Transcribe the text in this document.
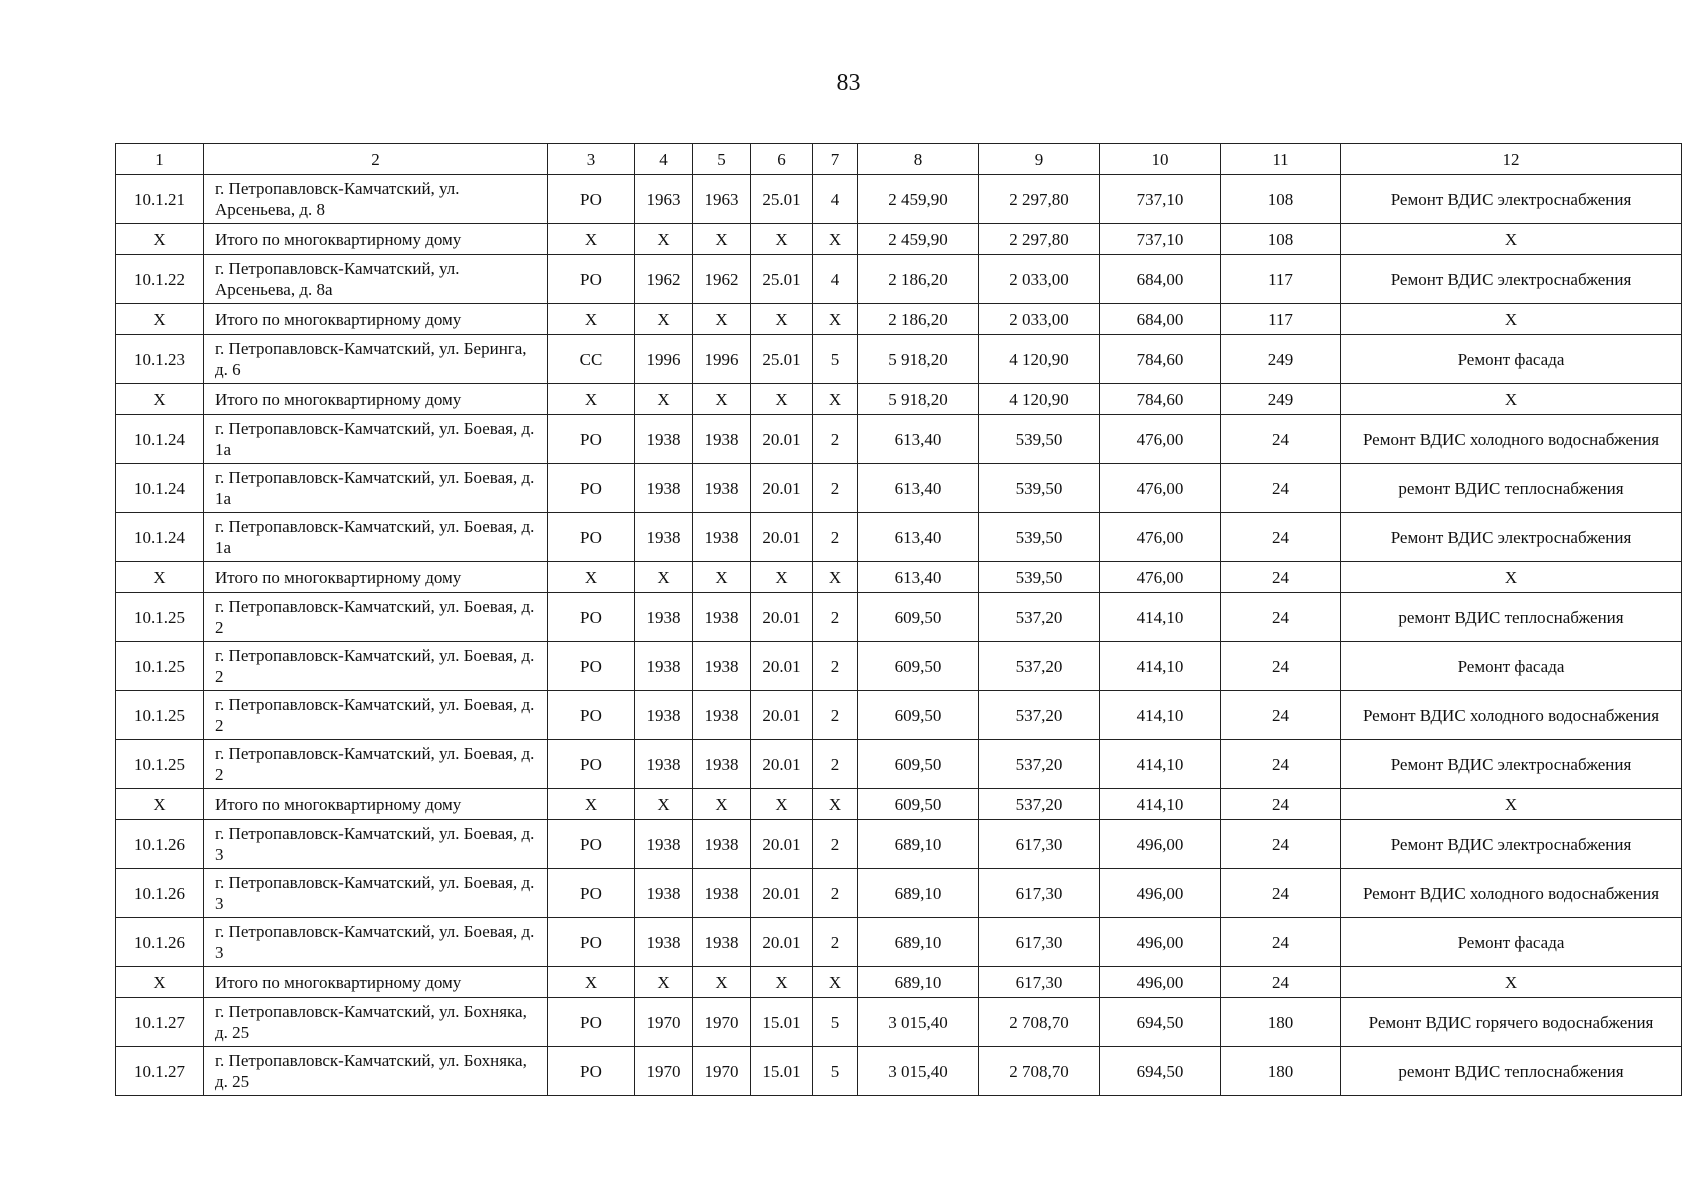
83
1	2	3	4	5	6	7	8	9	10	11	12
10.1.21	г. Петропавловск-Камчатский, ул. Арсеньева, д. 8	РО	1963	1963	25.01	4	2 459,90	2 297,80	737,10	108	Ремонт ВДИС электроснабжения
X	Итого по многоквартирному дому	X	X	X	X	X	2 459,90	2 297,80	737,10	108	X
10.1.22	г. Петропавловск-Камчатский, ул. Арсеньева, д. 8а	РО	1962	1962	25.01	4	2 186,20	2 033,00	684,00	117	Ремонт ВДИС электроснабжения
X	Итого по многоквартирному дому	X	X	X	X	X	2 186,20	2 033,00	684,00	117	X
10.1.23	г. Петропавловск-Камчатский, ул. Беринга, д. 6	СС	1996	1996	25.01	5	5 918,20	4 120,90	784,60	249	Ремонт фасада
X	Итого по многоквартирному дому	X	X	X	X	X	5 918,20	4 120,90	784,60	249	X
10.1.24	г. Петропавловск-Камчатский, ул. Боевая, д. 1а	РО	1938	1938	20.01	2	613,40	539,50	476,00	24	Ремонт ВДИС холодного водоснабжения
10.1.24	г. Петропавловск-Камчатский, ул. Боевая, д. 1а	РО	1938	1938	20.01	2	613,40	539,50	476,00	24	ремонт ВДИС теплоснабжения
10.1.24	г. Петропавловск-Камчатский, ул. Боевая, д. 1а	РО	1938	1938	20.01	2	613,40	539,50	476,00	24	Ремонт ВДИС электроснабжения
X	Итого по многоквартирному дому	X	X	X	X	X	613,40	539,50	476,00	24	X
10.1.25	г. Петропавловск-Камчатский, ул. Боевая, д. 2	РО	1938	1938	20.01	2	609,50	537,20	414,10	24	ремонт ВДИС теплоснабжения
10.1.25	г. Петропавловск-Камчатский, ул. Боевая, д. 2	РО	1938	1938	20.01	2	609,50	537,20	414,10	24	Ремонт фасада
10.1.25	г. Петропавловск-Камчатский, ул. Боевая, д. 2	РО	1938	1938	20.01	2	609,50	537,20	414,10	24	Ремонт ВДИС холодного водоснабжения
10.1.25	г. Петропавловск-Камчатский, ул. Боевая, д. 2	РО	1938	1938	20.01	2	609,50	537,20	414,10	24	Ремонт ВДИС электроснабжения
X	Итого по многоквартирному дому	X	X	X	X	X	609,50	537,20	414,10	24	X
10.1.26	г. Петропавловск-Камчатский, ул. Боевая, д. 3	РО	1938	1938	20.01	2	689,10	617,30	496,00	24	Ремонт ВДИС электроснабжения
10.1.26	г. Петропавловск-Камчатский, ул. Боевая, д. 3	РО	1938	1938	20.01	2	689,10	617,30	496,00	24	Ремонт ВДИС холодного водоснабжения
10.1.26	г. Петропавловск-Камчатский, ул. Боевая, д. 3	РО	1938	1938	20.01	2	689,10	617,30	496,00	24	Ремонт фасада
X	Итого по многоквартирному дому	X	X	X	X	X	689,10	617,30	496,00	24	X
10.1.27	г. Петропавловск-Камчатский, ул. Бохняка, д. 25	РО	1970	1970	15.01	5	3 015,40	2 708,70	694,50	180	Ремонт ВДИС горячего водоснабжения
10.1.27	г. Петропавловск-Камчатский, ул. Бохняка, д. 25	РО	1970	1970	15.01	5	3 015,40	2 708,70	694,50	180	ремонт ВДИС теплоснабжения
